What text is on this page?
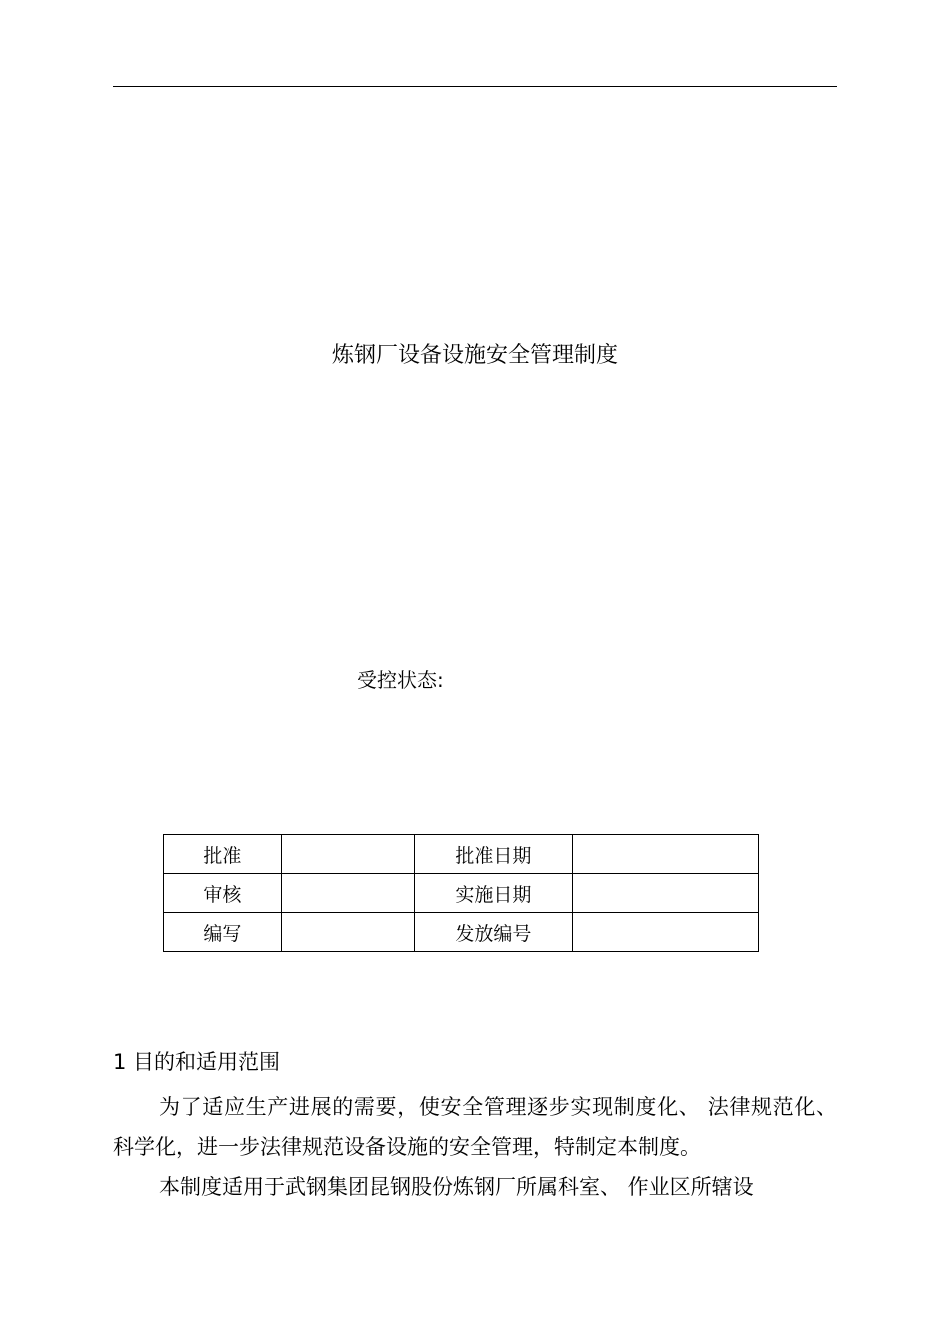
炼钢厂设备设施安全管理制度
受控状态:
批准		批准日期	
审核		实施日期	
编写		发放编号	
1 目的和适用范围
为了适应生产进展的需要，使安全管理逐步实现制度化、 法律规范化、 科学化，进一步法律规范设备设施的安全管理，特制定本制度。
本制度适用于武钢集团昆钢股份炼钢厂所属科室、 作业区所辖设
